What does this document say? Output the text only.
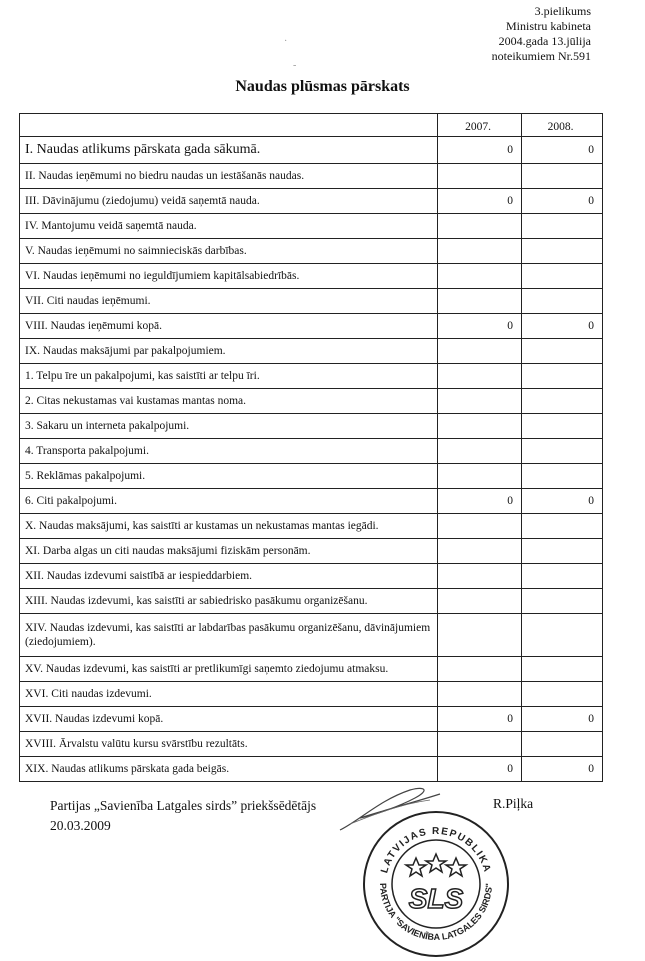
3.pielikums
Ministru kabineta
2004.gada 13.jūlija
noteikumiem Nr.591
·
-
Naudas plūsmas pārskats
	2007.	2008.
I. Naudas atlikums pārskata gada sākumā.	0	0
II. Naudas ieņēmumi no biedru naudas un iestāšanās naudas.		
III. Dāvinājumu (ziedojumu) veidā saņemtā nauda.	0	0
IV. Mantojumu veidā saņemtā nauda.		
V. Naudas ieņēmumi no saimnieciskās darbības.		
VI. Naudas ieņēmumi no ieguldījumiem kapitālsabiedrībās.		
VII. Citi naudas ieņēmumi.		
VIII. Naudas ieņēmumi kopā.	0	0
IX. Naudas maksājumi par pakalpojumiem.		
1. Telpu īre un pakalpojumi, kas saistīti ar telpu īri.		
2. Citas nekustamas vai kustamas mantas noma.		
3. Sakaru un interneta pakalpojumi.		
4. Transporta pakalpojumi.		
5. Reklāmas pakalpojumi.		
6. Citi pakalpojumi.	0	0
X. Naudas maksājumi, kas saistīti ar kustamas un nekustamas mantas iegādi.		
XI. Darba algas un citi naudas maksājumi fiziskām personām.		
XII. Naudas izdevumi saistībā ar iespieddarbiem.		
XIII. Naudas izdevumi, kas saistīti ar sabiedrisko pasākumu organizēšanu.		
XIV. Naudas izdevumi, kas saistīti ar labdarības pasākumu organizēšanu, dāvinājumiem (ziedojumiem).		
XV. Naudas izdevumi, kas saistīti ar pretlikumīgi saņemto ziedojumu atmaksu.		
XVI. Citi naudas izdevumi.		
XVII. Naudas izdevumi kopā.	0	0
XVIII. Ārvalstu valūtu kursu svārstību rezultāts.		
XIX. Naudas atlikums pārskata gada beigās.	0	0
Partijas „Savienība Latgales sirds” priekšsēdētājs
20.03.2009
R.Piļka
LATVIJAS REPUBLIKA
PARTIJA "SAVIENĪBA LATGALES SIRDS"
SLS
